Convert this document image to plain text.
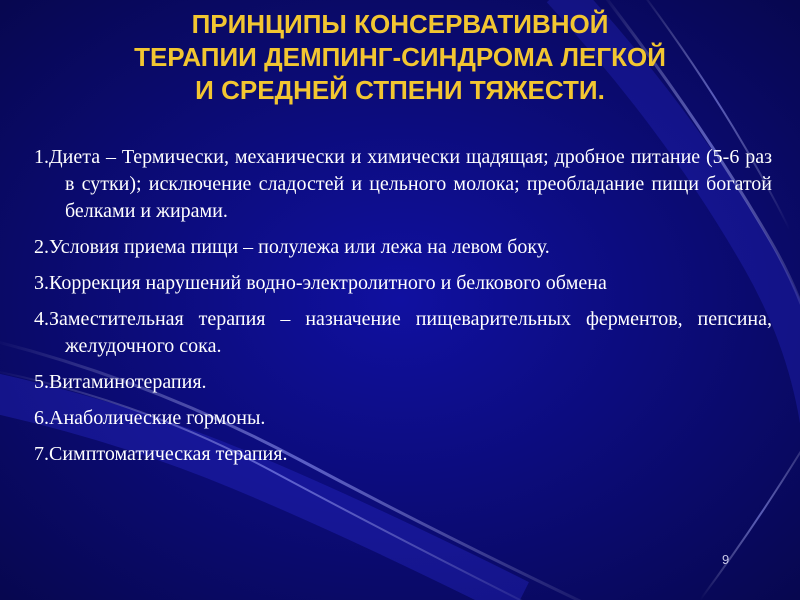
ПРИНЦИПЫ КОНСЕРВАТИВНОЙ
ТЕРАПИИ ДЕМПИНГ-СИНДРОМА ЛЕГКОЙ
И СРЕДНЕЙ СТПЕНИ ТЯЖЕСТИ.
1.Диета – Термически, механически и химически щадящая; дробное питание (5-6 раз в сутки); исключение сладостей и цельного молока; преобладание пищи богатой белками и жирами.
2.Условия приема пищи – полулежа или лежа на левом боку.
3.Коррекция нарушений водно-электролитного и белкового обмена
4.Заместительная терапия – назначение пищеварительных ферментов, пепсина, желудочного сока.
5.Витаминотерапия.
6.Анаболические гормоны.
7.Симптоматическая терапия.
9
